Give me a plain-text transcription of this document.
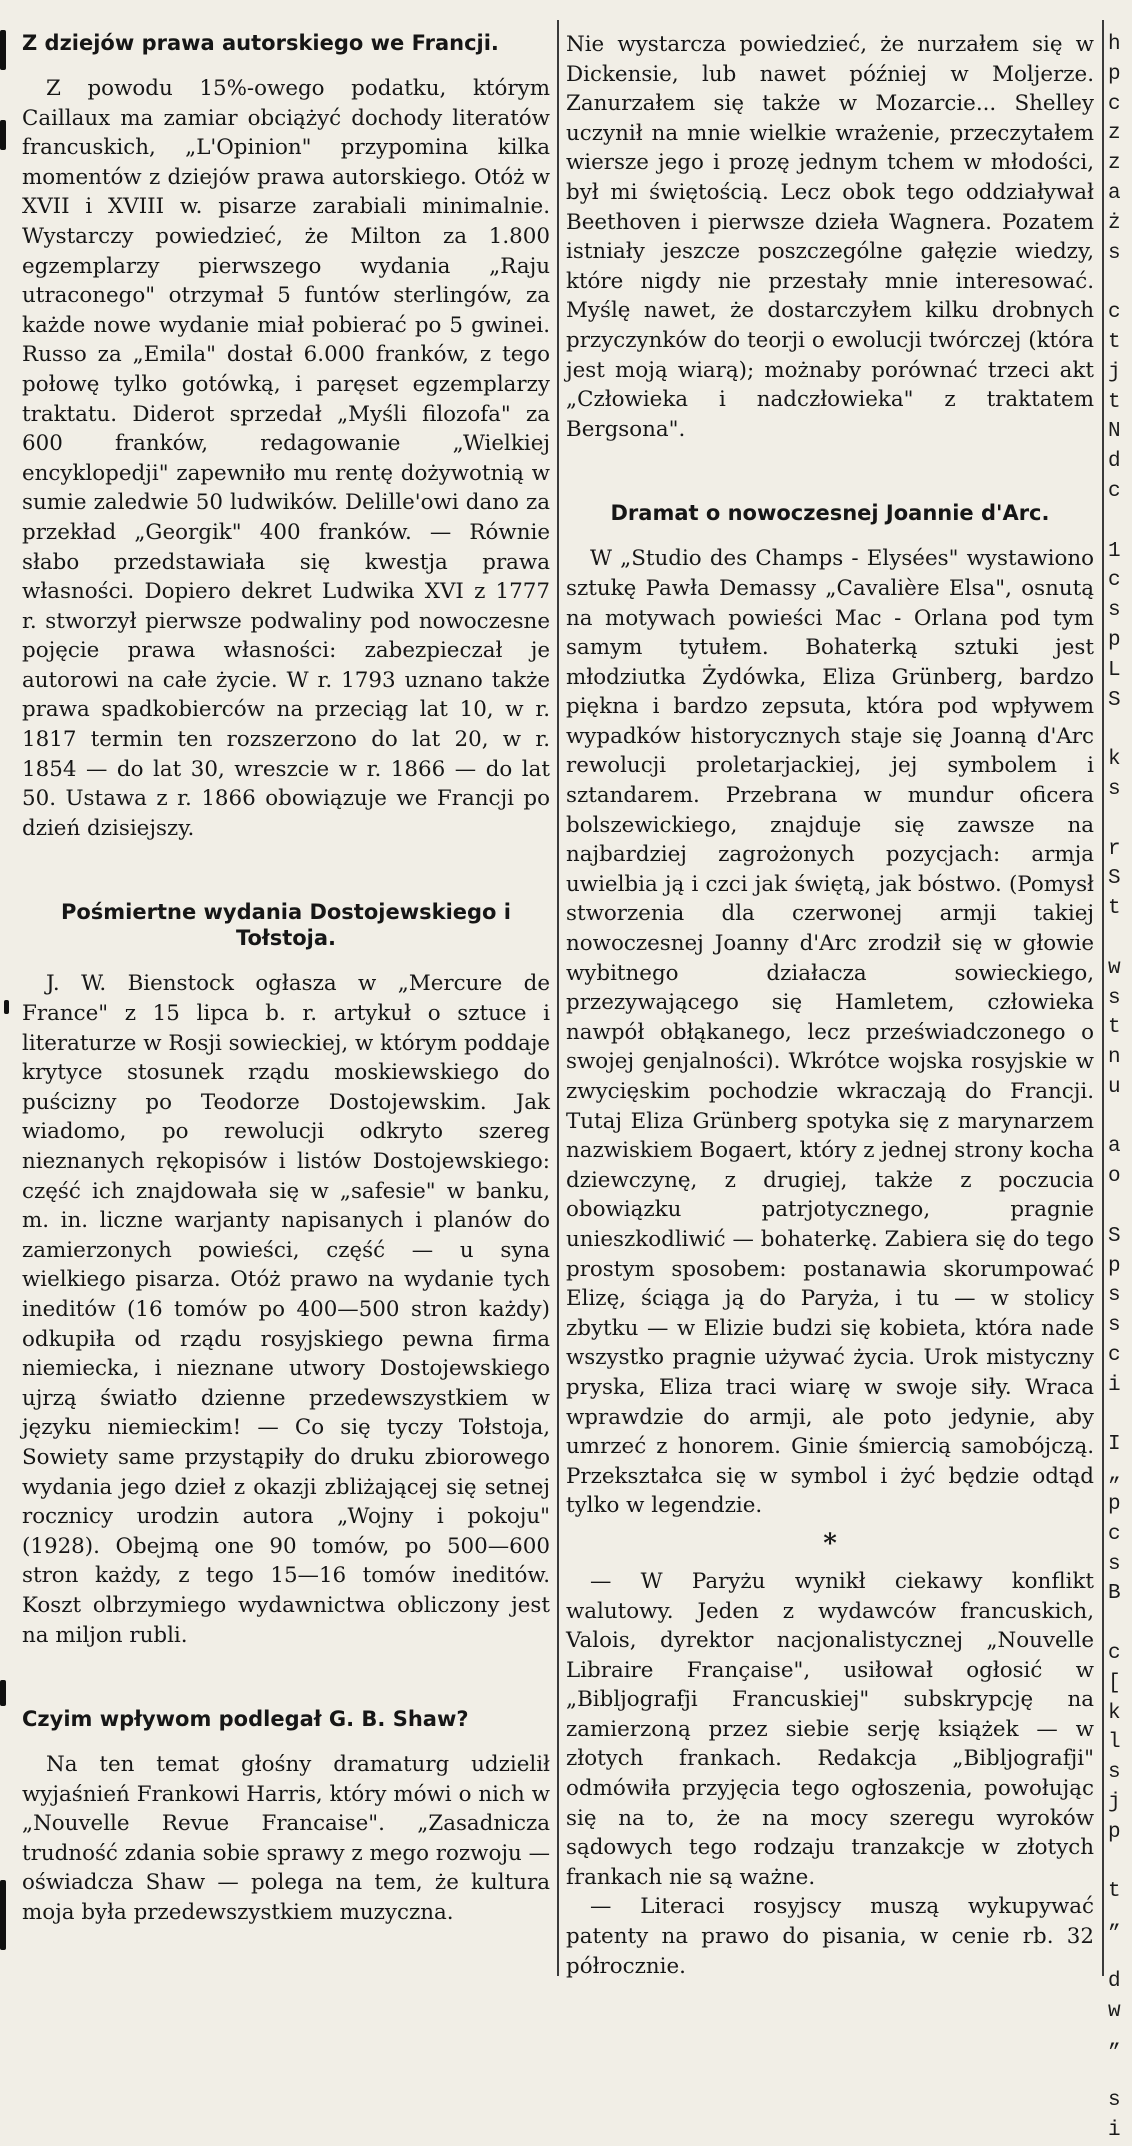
Z dziejów prawa autorskiego we Francji.

Z powodu 15%-owego podatku, którym Caillaux ma zamiar obciążyć dochody literatów francuskich, „L'Opinion" przypomina kilka momentów z dziejów prawa autorskiego. Otóż w XVII i XVIII w. pisarze zarabiali minimalnie. Wystarczy powiedzieć, że Milton za 1.800 egzemplarzy pierwszego wydania „Raju utraconego" otrzymał 5 funtów sterlingów, za każde nowe wydanie miał pobierać po 5 gwinei. Russo za „Emila" dostał 6.000 franków, z tego połowę tylko gotówką, i paręset egzemplarzy traktatu. Diderot sprzedał „Myśli filozofa" za 600 franków, redagowanie „Wielkiej encyklopedji" zapewniło mu rentę dożywotnią w sumie zaledwie 50 ludwików. Delille'owi dano za przekład „Georgik" 400 franków. — Równie słabo przedstawiała się kwestja prawa własności. Dopiero dekret Ludwika XVI z 1777 r. stworzył pierwsze podwaliny pod nowoczesne pojęcie prawa własności: zabezpieczał je autorowi na całe życie. W r. 1793 uznano także prawa spadkobierców na przeciąg lat 10, w r. 1817 termin ten rozszerzono do lat 20, w r. 1854 — do lat 30, wreszcie w r. 1866 — do lat 50. Ustawa z r. 1866 obowiązuje we Francji po dzień dzisiejszy.

Pośmiertne wydania Dostojewskiego i Tołstoja.

J. W. Bienstock ogłasza w „Mercure de France" z 15 lipca b. r. artykuł o sztuce i literaturze w Rosji sowieckiej, w którym poddaje krytyce stosunek rządu moskiewskiego do puścizny po Teodorze Dostojewskim. Jak wiadomo, po rewolucji odkryto szereg nieznanych rękopisów i listów Dostojewskiego: część ich znajdowała się w „safesie" w banku, m. in. liczne warjanty napisanych i planów do zamierzonych powieści, część — u syna wielkiego pisarza. Otóż prawo na wydanie tych ineditów (16 tomów po 400—500 stron każdy) odkupiła od rządu rosyjskiego pewna firma niemiecka, i nieznane utwory Dostojewskiego ujrzą światło dzienne przedewszystkiem w języku niemieckim! — Co się tyczy Tołstoja, Sowiety same przystąpiły do druku zbiorowego wydania jego dzieł z okazji zbliżającej się setnej rocznicy urodzin autora „Wojny i pokoju" (1928). Obejmą one 90 tomów, po 500—600 stron każdy, z tego 15—16 tomów ineditów. Koszt olbrzymiego wydawnictwa obliczony jest na miljon rubli.

Czyim wpływom podlegał G. B. Shaw?

Na ten temat głośny dramaturg udzielił wyjaśnień Frankowi Harris, który mówi o nich w „Nouvelle Revue Francaise". „Zasadnicza trudność zdania sobie sprawy z mego rozwoju — oświadcza Shaw — polega na tem, że kultura moja była przedewszystkiem muzyczna.

Nie wystarcza powiedzieć, że nurzałem się w Dickensie, lub nawet później w Moljerze. Zanurzałem się także w Mozarcie... Shelley uczynił na mnie wielkie wrażenie, przeczytałem wiersze jego i prozę jednym tchem w młodości, był mi świętością. Lecz obok tego oddziaływał Beethoven i pierwsze dzieła Wagnera. Pozatem istniały jeszcze poszczególne gałęzie wiedzy, które nigdy nie przestały mnie interesować. Myślę nawet, że dostarczyłem kilku drobnych przyczynków do teorji o ewolucji twórczej (która jest moją wiarą); możnaby porównać trzeci akt „Człowieka i nadczłowieka" z traktatem Bergsona".

Dramat o nowoczesnej Joannie d'Arc.

W „Studio des Champs - Elysées" wystawiono sztukę Pawła Demassy „Cavalière Elsa", osnutą na motywach powieści Mac - Orlana pod tym samym tytułem. Bohaterką sztuki jest młodziutka Żydówka, Eliza Grünberg, bardzo piękna i bardzo zepsuta, która pod wpływem wypadków historycznych staje się Joanną d'Arc rewolucji proletarjackiej, jej symbolem i sztandarem. Przebrana w mundur oficera bolszewickiego, znajduje się zawsze na najbardziej zagrożonych pozycjach: armja uwielbia ją i czci jak świętą, jak bóstwo. (Pomysł stworzenia dla czerwonej armji takiej nowoczesnej Joanny d'Arc zrodził się w głowie wybitnego działacza sowieckiego, przezywającego się Hamletem, człowieka nawpół obłąkanego, lecz przeświadczonego o swojej genjalności). Wkrótce wojska rosyjskie w zwycięskim pochodzie wkraczają do Francji. Tutaj Eliza Grünberg spotyka się z marynarzem nazwiskiem Bogaert, który z jednej strony kocha dziewczynę, z drugiej, także z poczucia obowiązku patrjotycznego, pragnie unieszkodliwić — bohaterkę. Zabiera się do tego prostym sposobem: postanawia skorumpować Elizę, ściąga ją do Paryża, i tu — w stolicy zbytku — w Elizie budzi się kobieta, która nade wszystko pragnie używać życia. Urok mistyczny pryska, Eliza traci wiarę w swoje siły. Wraca wprawdzie do armji, ale poto jedynie, aby umrzeć z honorem. Ginie śmiercią samobójczą. Przekształca się w symbol i żyć będzie odtąd tylko w legendzie.

*

— W Paryżu wynikł ciekawy konflikt walutowy. Jeden z wydawców francuskich, Valois, dyrektor nacjonalistycznej „Nouvelle Libraire Française", usiłował ogłosić w „Bibljografji Francuskiej" subskrypcję na zamierzoną przez siebie serję książek — w złotych frankach. Redakcja „Bibljografji" odmówiła przyjęcia tego ogłoszenia, powołując się na to, że na mocy szeregu wyroków sądowych tego rodzaju tranzakcje w złotych frankach nie są ważne.

— Literaci rosyjscy muszą wykupywać patenty na prawo do pisania, w cenie rb. 32 półrocznie.

h
p
c
z
z
a
ż
s

c
t
j
t
N
d
c

1
c
s
p
L
S

k
s

r
S
t

w
s
t
n
u

a
o

S
p
s
s
c
i

I
„
p
c
s
B

c
[
k
l
s
j
p

t
„

d
w
„

s
i
